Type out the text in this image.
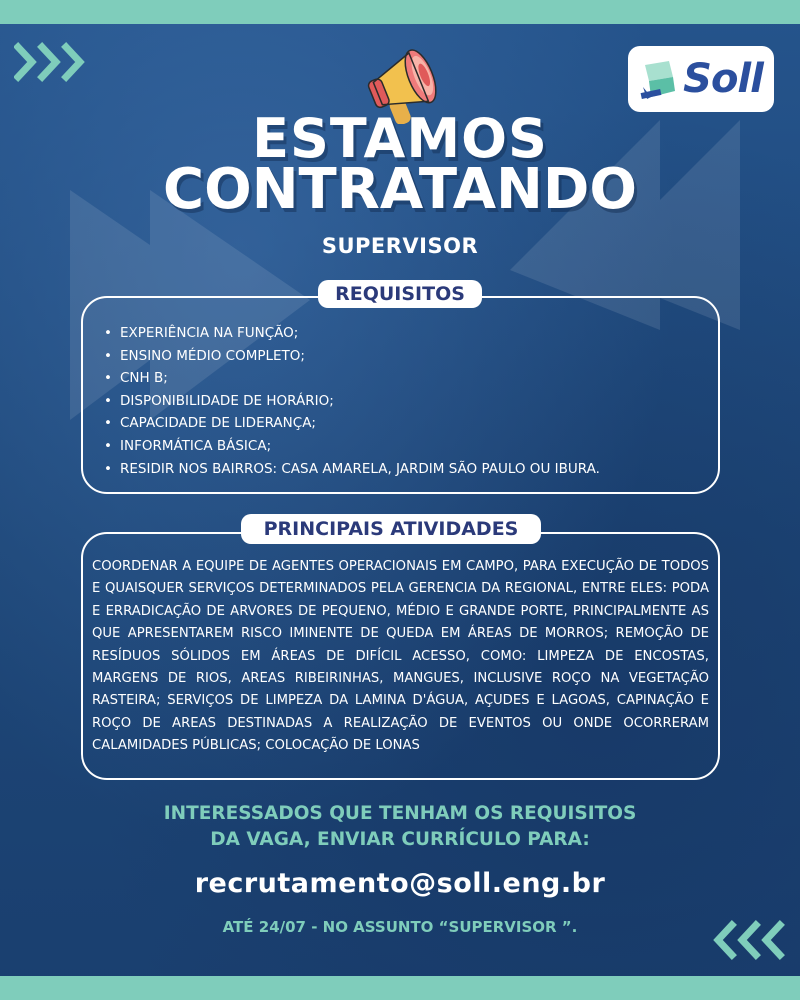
Soll
ESTAMOS
CONTRATANDO
SUPERVISOR
REQUISITOS
• EXPERIÊNCIA NA FUNÇÃO;
• ENSINO MÉDIO COMPLETO;
• CNH B;
• DISPONIBILIDADE DE HORÁRIO;
• CAPACIDADE DE LIDERANÇA;
• INFORMÁTICA BÁSICA;
• RESIDIR NOS BAIRROS: CASA AMARELA, JARDIM SÃO PAULO OU IBURA.
PRINCIPAIS ATIVIDADES

COORDENAR A EQUIPE DE AGENTES OPERACIONAIS EM CAMPO, PARA EXECUÇÃO DE TODOS E QUAISQUER SERVIÇOS DETERMINADOS PELA GERENCIA DA REGIONAL, ENTRE ELES: PODA E ERRADICAÇÃO DE ARVORES DE PEQUENO, MÉDIO E GRANDE PORTE, PRINCIPALMENTE AS QUE APRESENTAREM RISCO IMINENTE DE QUEDA EM ÁREAS DE MORROS; REMOÇÃO DE RESÍDUOS SÓLIDOS EM ÁREAS DE DIFÍCIL ACESSO, COMO: LIMPEZA DE ENCOSTAS, MARGENS DE RIOS, AREAS RIBEIRINHAS, MANGUES, INCLUSIVE ROÇO NA VEGETAÇÃO RASTEIRA; SERVIÇOS DE LIMPEZA DA LAMINA D'ÁGUA, AÇUDES E LAGOAS, CAPINAÇÃO E ROÇO DE AREAS DESTINADAS A REALIZAÇÃO DE EVENTOS OU ONDE OCORRERAM CALAMIDADES PÚBLICAS; COLOCAÇÃO DE LONAS

INTERESSADOS QUE TENHAM OS REQUISITOS
DA VAGA, ENVIAR CURRÍCULO PARA:
recrutamento@soll.eng.br
ATÉ 24/07 - NO ASSUNTO “SUPERVISOR ”.
